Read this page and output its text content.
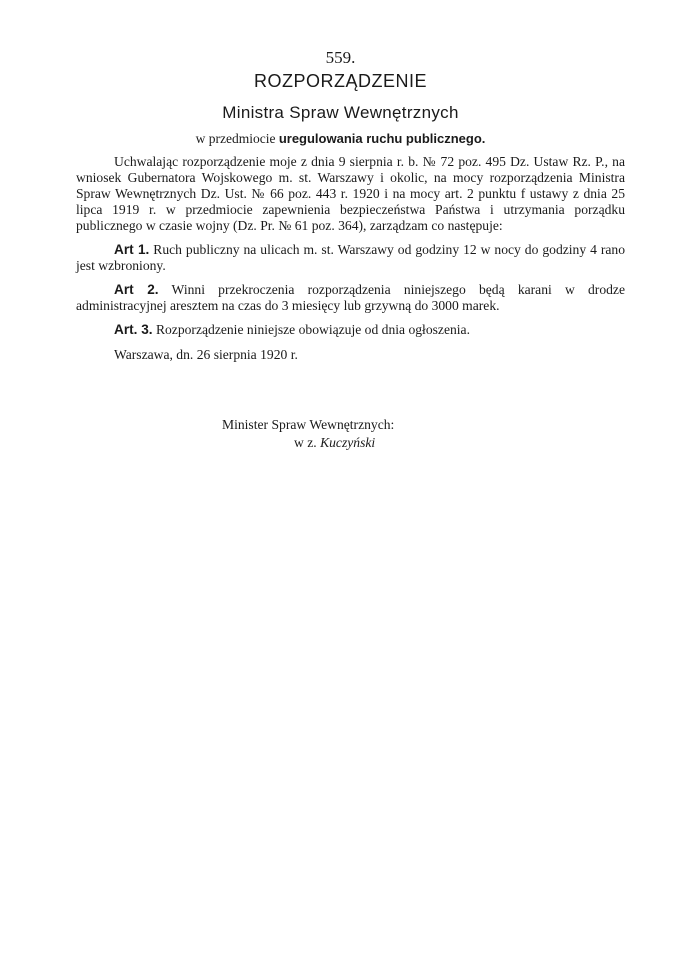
559.
ROZPORZĄDZENIE
Ministra Spraw Wewnętrznych
w przedmiocie uregulowania ruchu publicznego.

Uchwalając rozporządzenie moje z dnia 9 sierpnia r. b. № 72 poz. 495 Dz. Ustaw Rz. P., na wniosek Gubernatora Wojskowego m. st. Warszawy i okolic, na mocy rozporządzenia Ministra Spraw Wewnętrznych Dz. Ust. № 66 poz. 443 r. 1920 i na mocy art. 2 punktu f ustawy z dnia 25 lipca 1919 r. w przedmiocie zapewnienia bezpieczeństwa Państwa i utrzymania porządku publicznego w czasie wojny (Dz. Pr. № 61 poz. 364), zarządzam co następuje:

Art 1. Ruch publiczny na ulicach m. st. Warszawy od godziny 12 w nocy do godziny 4 rano jest wzbroniony.

Art 2. Winni przekroczenia rozporządzenia niniejszego będą karani w drodze administracyjnej aresztem na czas do 3 miesięcy lub grzywną do 3000 marek.

Art. 3. Rozporządzenie niniejsze obowiązuje od dnia ogłoszenia.

Warszawa, dn. 26 sierpnia 1920 r.

Minister Spraw Wewnętrznych:
w z. Kuczyński
